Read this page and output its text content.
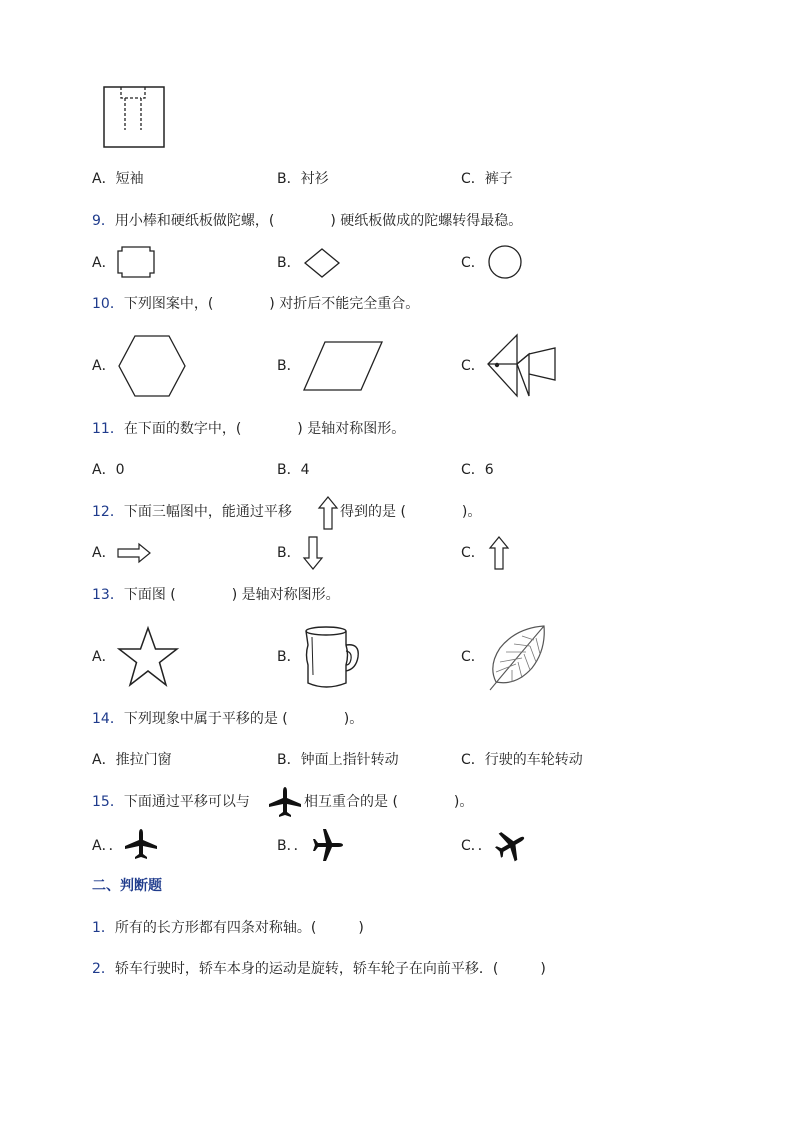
A．短袖	B．衬衫	C．裤子
9．用小棒和硬纸板做陀螺，(　　　　) 硬纸板做成的陀螺转得最稳。
A．	B．	C．
10．下列图案中，(　　　　) 对折后不能完全重合。
A．	B．	C．
11．在下面的数字中，(　　　　) 是轴对称图形。
A．0	B．4	C．6
12．下面三幅图中，能通过平移	得到的是 (　　　　)。
A．	B．	C．
13．下面图 (　　　　) 是轴对称图形。
A．	B．	C．
14．下列现象中属于平移的是 (　　　　)。
A．推拉门窗	B．钟面上指针转动	C．行驶的车轮转动
15．下面通过平移可以与	相互重合的是 (　　　　)。
A．．	B．．	C．．
二、判断题
1．所有的长方形都有四条对称轴。(　　　)
2．轿车行驶时，轿车本身的运动是旋转，轿车轮子在向前平移．(　　　)
